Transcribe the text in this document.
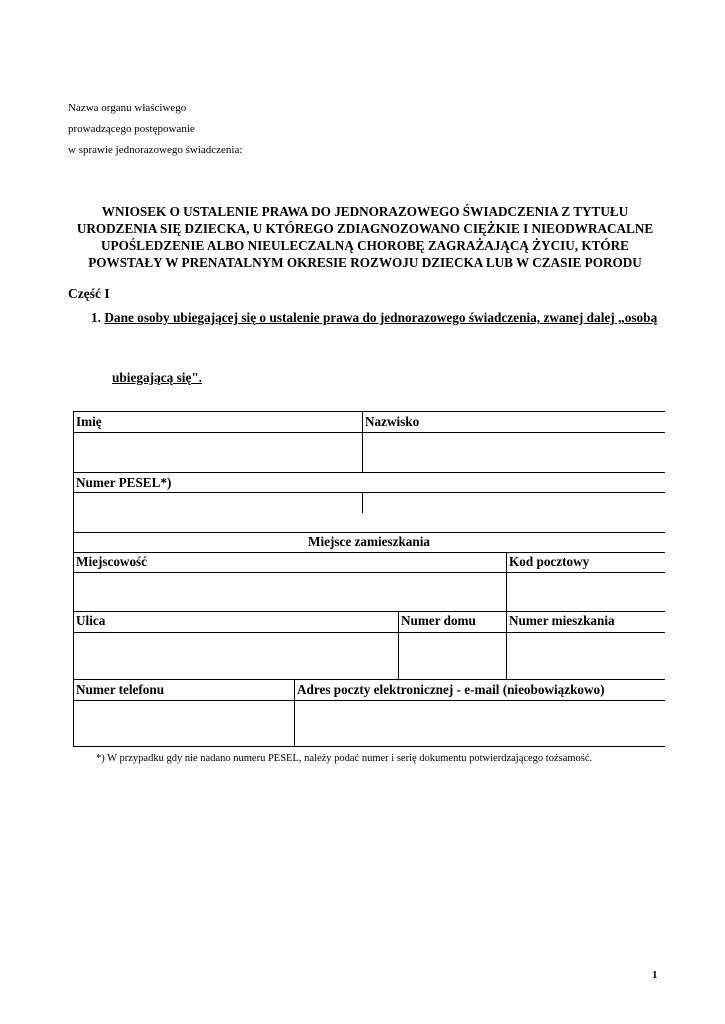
Nazwa organu właściwego
prowadzącego postępowanie
w sprawie jednorazowego świadczenia:
WNIOSEK O USTALENIE PRAWA DO JEDNORAZOWEGO ŚWIADCZENIA Z TYTUŁU
URODZENIA SIĘ DZIECKA, U KTÓREGO ZDIAGNOZOWANO CIĘŻKIE I NIEODWRACALNE
UPOŚLEDZENIE ALBO NIEULECZALNĄ CHOROBĘ ZAGRAŻAJĄCĄ ŻYCIU, KTÓRE
POWSTAŁY W PRENATALNYM OKRESIE ROZWOJU DZIECKA LUB W CZASIE PORODU
Część I
1. Dane osoby ubiegającej się o ustalenie prawa do jednorazowego świadczenia, zwanej dalej „osobą
ubiegającą się".
Imię	Nazwisko
Numer PESEL*)
Miejsce zamieszkania
Miejscowość	Kod pocztowy
Ulica	Numer domu	Numer mieszkania
Numer telefonu	Adres poczty elektronicznej - e-mail (nieobowiązkowo)
*) W przypadku gdy nie nadano numeru PESEL, należy podać numer i serię dokumentu potwierdzającego tożsamość.
1
